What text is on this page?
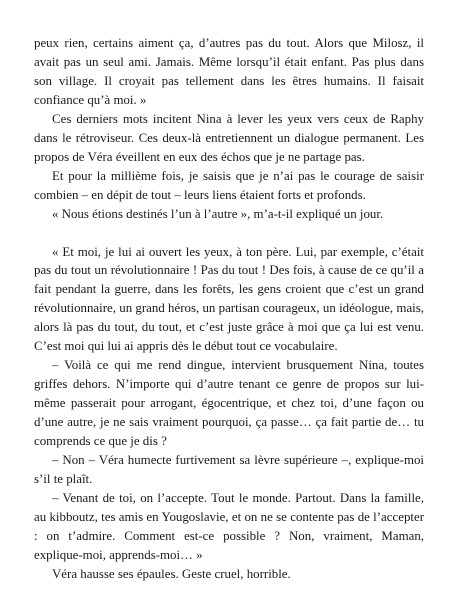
peux rien, certains aiment ça, d’autres pas du tout. Alors que Milosz, il avait pas un seul ami. Jamais. Même lorsqu’il était enfant. Pas plus dans son village. Il croyait pas tellement dans les êtres humains. Il faisait confiance qu’à moi. »

Ces derniers mots incitent Nina à lever les yeux vers ceux de Raphy dans le rétroviseur. Ces deux-là entretiennent un dialogue permanent. Les propos de Véra éveillent en eux des échos que je ne partage pas.

Et pour la millième fois, je saisis que je n’ai pas le courage de saisir combien – en dépit de tout – leurs liens étaient forts et profonds.

« Nous étions destinés l’un à l’autre », m’a-t-il expliqué un jour.

« Et moi, je lui ai ouvert les yeux, à ton père. Lui, par exemple, c’était pas du tout un révolutionnaire ! Pas du tout ! Des fois, à cause de ce qu’il a fait pendant la guerre, dans les forêts, les gens croient que c’est un grand révolutionnaire, un grand héros, un partisan courageux, un idéologue, mais, alors là pas du tout, du tout, et c’est juste grâce à moi que ça lui est venu. C’est moi qui lui ai appris dès le début tout ce vocabulaire.

– Voilà ce qui me rend dingue, intervient brusquement Nina, toutes griffes dehors. N’importe qui d’autre tenant ce genre de propos sur lui-même passerait pour arrogant, égocentrique, et chez toi, d’une façon ou d’une autre, je ne sais vraiment pourquoi, ça passe… ça fait partie de… tu comprends ce que je dis ?

– Non – Véra humecte furtivement sa lèvre supérieure –, explique-moi s’il te plaît.

– Venant de toi, on l’accepte. Tout le monde. Partout. Dans la famille, au kibboutz, tes amis en Yougoslavie, et on ne se contente pas de l’accepter : on t’admire. Comment est-ce possible ? Non, vraiment, Maman, explique-moi, apprends-moi… »

Véra hausse ses épaules. Geste cruel, horrible.
